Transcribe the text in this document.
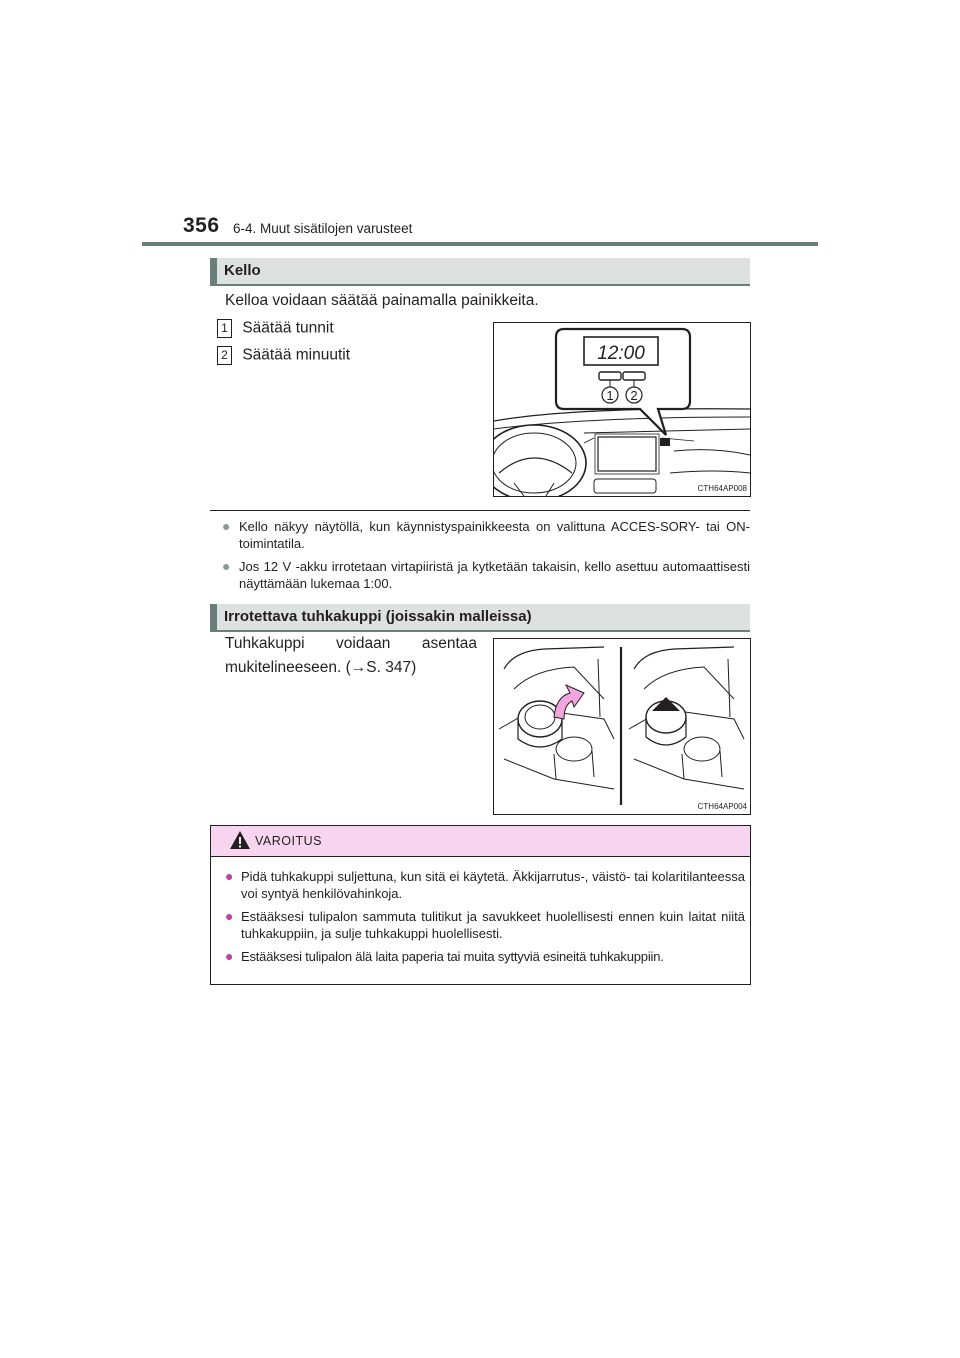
356 6-4. Muut sisätilojen varusteet
Kello
Kelloa voidaan säätää painamalla painikkeita.
1 Säätää tunnit
2 Säätää minuutit	12:00
1 2
CTH64AP008
● Kello näkyy näytöllä, kun käynnistyspainikkeesta on valittuna ACCES-SORY- tai ON-toimintatila.
● Jos 12 V -akku irrotetaan virtapiiristä ja kytketään takaisin, kello asettuu automaattisesti näyttämään lukemaa 1:00.
Irrotettava tuhkakuppi (joissakin malleissa)
Tuhkakuppi voidaan asentaa mukitelineeseen. (→S. 347)
CTH64AP004
VAROITUS
● Pidä tuhkakuppi suljettuna, kun sitä ei käytetä. Äkkijarrutus-, väistö- tai kolaritilanteessa voi syntyä henkilövahinkoja.
● Estääksesi tulipalon sammuta tulitikut ja savukkeet huolellisesti ennen kuin laitat niitä tuhkakuppiin, ja sulje tuhkakuppi huolellisesti.
● Estääksesi tulipalon älä laita paperia tai muita syttyviä esineitä tuhkakuppiin.
